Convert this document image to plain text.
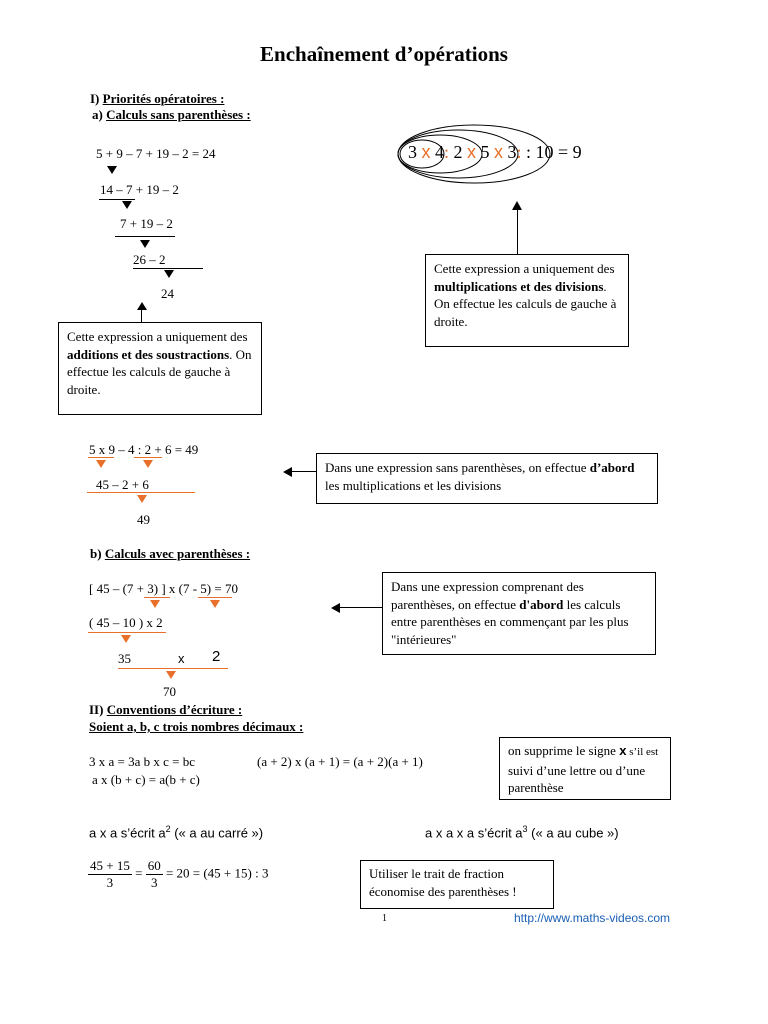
Enchaînement d’opérations
I) Priorités opératoires :
a) Calculs sans parenthèses :
5 + 9 – 7 + 19 – 2 = 24
14 – 7 + 19 – 2
7 + 19 – 2
26 – 2
24
Cette expression a uniquement des additions et des soustractions. On effectue les calculs de gauche à droite.
3 x 4: 2 x 5 x 3: : 10 = 9
Cette expression a uniquement des multiplications et des divisions. On effectue les calculs de gauche à droite.
5 x 9 – 4 : 2 + 6 = 49
45 – 2 + 6
49
Dans une expression sans parenthèses, on effectue d’abord les multiplications et les divisions
b) Calculs avec parenthèses :
[ 45 – (7 + 3) ] x (7 - 5) = 70
( 45 – 10 ) x 2
35	x 2
70
Dans une expression comprenant des parenthèses, on effectue d'abord les calculs entre parenthèses en commençant par les plus "intérieures"
II) Conventions d’écriture :
Soient a, b, c trois nombres décimaux :
3 x a = 3a b x c = bc	(a + 2) x (a + 1) = (a + 2)(a + 1)
a x (b + c) = a(b + c)
on supprime le signe x s’il est suivi d’une lettre ou d’une parenthèse
a x a s’écrit $a^2$ (« a au carré »)	a x a x a s’écrit $a^3$ (« a au cube »)
$\frac{45 + 15}{3} = \frac{60}{3} = 20 = (45 + 15)$ : 3	Utiliser le trait de fraction économise des parenthèses !
1	http://www.maths-videos.com
